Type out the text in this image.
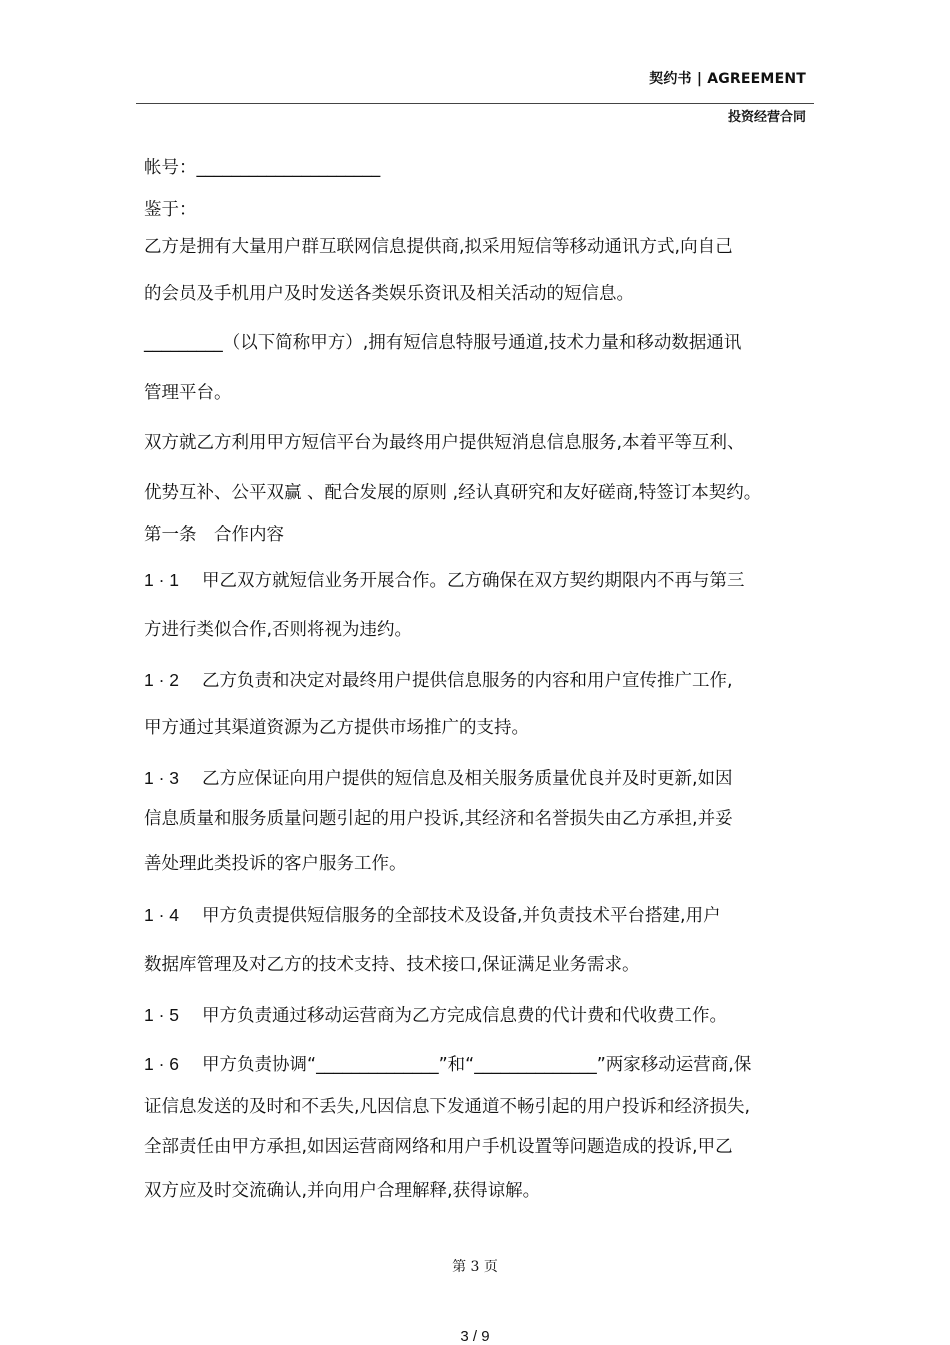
契约书 | AGREEMENT
投资经营合同
帐号：_____________________
鉴于：
乙方是拥有大量用户群互联网信息提供商,拟采用短信等移动通讯方式,向自己
的会员及手机用户及时发送各类娱乐资讯及相关活动的短信息。
_________（以下简称甲方）,拥有短信息特服号通道,技术力量和移动数据通讯
管理平台。
双方就乙方利用甲方短信平台为最终用户提供短消息信息服务,本着平等互利、
优势互补、公平双赢 、配合发展的原则 ,经认真研究和友好磋商,特签订本契约。
第一条　合作内容
1 · 1 甲乙双方就短信业务开展合作。乙方确保在双方契约期限内不再与第三
方进行类似合作,否则将视为违约。
1 · 2 乙方负责和决定对最终用户提供信息服务的内容和用户宣传推广工作,
甲方通过其渠道资源为乙方提供市场推广的支持。
1 · 3 乙方应保证向用户提供的短信息及相关服务质量优良并及时更新,如因
信息质量和服务质量问题引起的用户投诉,其经济和名誉损失由乙方承担,并妥
善处理此类投诉的客户服务工作。
1 · 4 甲方负责提供短信服务的全部技术及设备,并负责技术平台搭建,用户
数据库管理及对乙方的技术支持、技术接口,保证满足业务需求。
1 · 5 甲方负责通过移动运营商为乙方完成信息费的代计费和代收费工作。
1 · 6 甲方负责协调“______________”和“______________”两家移动运营商,保
证信息发送的及时和不丢失,凡因信息下发通道不畅引起的用户投诉和经济损失,
全部责任由甲方承担,如因运营商网络和用户手机设置等问题造成的投诉,甲乙
双方应及时交流确认,并向用户合理解释,获得谅解。
第 3 页
3 / 9
